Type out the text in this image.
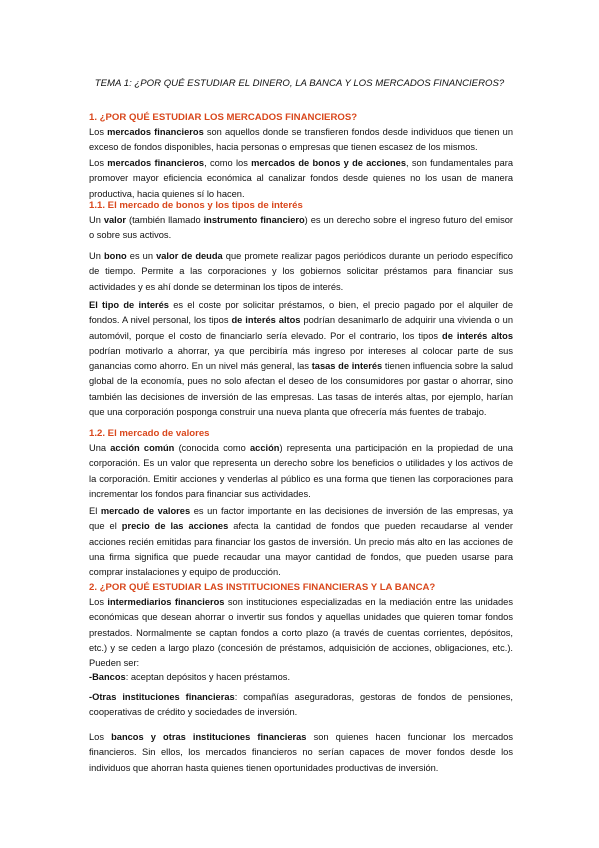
TEMA 1: ¿POR QUÉ ESTUDIAR EL DINERO, LA BANCA Y LOS MERCADOS FINANCIEROS?
1. ¿POR QUÉ ESTUDIAR LOS MERCADOS FINANCIEROS?

Los mercados financieros son aquellos donde se transfieren fondos desde individuos que tienen un exceso de fondos disponibles, hacia personas o empresas que tienen escasez de los mismos.

Los mercados financieros, como los mercados de bonos y de acciones, son fundamentales para promover mayor eficiencia económica al canalizar fondos desde quienes no los usan de manera productiva, hacia quienes sí lo hacen.

1.1. El mercado de bonos y los tipos de interés

Un valor (también llamado instrumento financiero) es un derecho sobre el ingreso futuro del emisor o sobre sus activos.

Un bono es un valor de deuda que promete realizar pagos periódicos durante un periodo específico de tiempo. Permite a las corporaciones y los gobiernos solicitar préstamos para financiar sus actividades y es ahí donde se determinan los tipos de interés.

El tipo de interés es el coste por solicitar préstamos, o bien, el precio pagado por el alquiler de fondos. A nivel personal, los tipos de interés altos podrían desanimarlo de adquirir una vivienda o un automóvil, porque el costo de financiarlo sería elevado. Por el contrario, los tipos de interés altos podrían motivarlo a ahorrar, ya que percibiría más ingreso por intereses al colocar parte de sus ganancias como ahorro. En un nivel más general, las tasas de interés tienen influencia sobre la salud global de la economía, pues no solo afectan el deseo de los consumidores por gastar o ahorrar, sino también las decisiones de inversión de las empresas. Las tasas de interés altas, por ejemplo, harían que una corporación posponga construir una nueva planta que ofrecería más fuentes de trabajo.

1.2. El mercado de valores

Una acción común (conocida como acción) representa una participación en la propiedad de una corporación. Es un valor que representa un derecho sobre los beneficios o utilidades y los activos de la corporación. Emitir acciones y venderlas al público es una forma que tienen las corporaciones para incrementar los fondos para financiar sus actividades.

El mercado de valores es un factor importante en las decisiones de inversión de las empresas, ya que el precio de las acciones afecta la cantidad de fondos que pueden recaudarse al vender acciones recién emitidas para financiar los gastos de inversión. Un precio más alto en las acciones de una firma significa que puede recaudar una mayor cantidad de fondos, que pueden usarse para comprar instalaciones y equipo de producción.

2. ¿POR QUÉ ESTUDIAR LAS INSTITUCIONES FINANCIERAS Y LA BANCA?

Los intermediarios financieros son instituciones especializadas en la mediación entre las unidades económicas que desean ahorrar o invertir sus fondos y aquellas unidades que quieren tomar fondos prestados. Normalmente se captan fondos a corto plazo (a través de cuentas corrientes, depósitos, etc.) y se ceden a largo plazo (concesión de préstamos, adquisición de acciones, obligaciones, etc.). Pueden ser:

-Bancos: aceptan depósitos y hacen préstamos.

-Otras instituciones financieras: compañías aseguradoras, gestoras de fondos de pensiones, cooperativas de crédito y sociedades de inversión.

Los bancos y otras instituciones financieras son quienes hacen funcionar los mercados financieros. Sin ellos, los mercados financieros no serían capaces de mover fondos desde los individuos que ahorran hasta quienes tienen oportunidades productivas de inversión.
